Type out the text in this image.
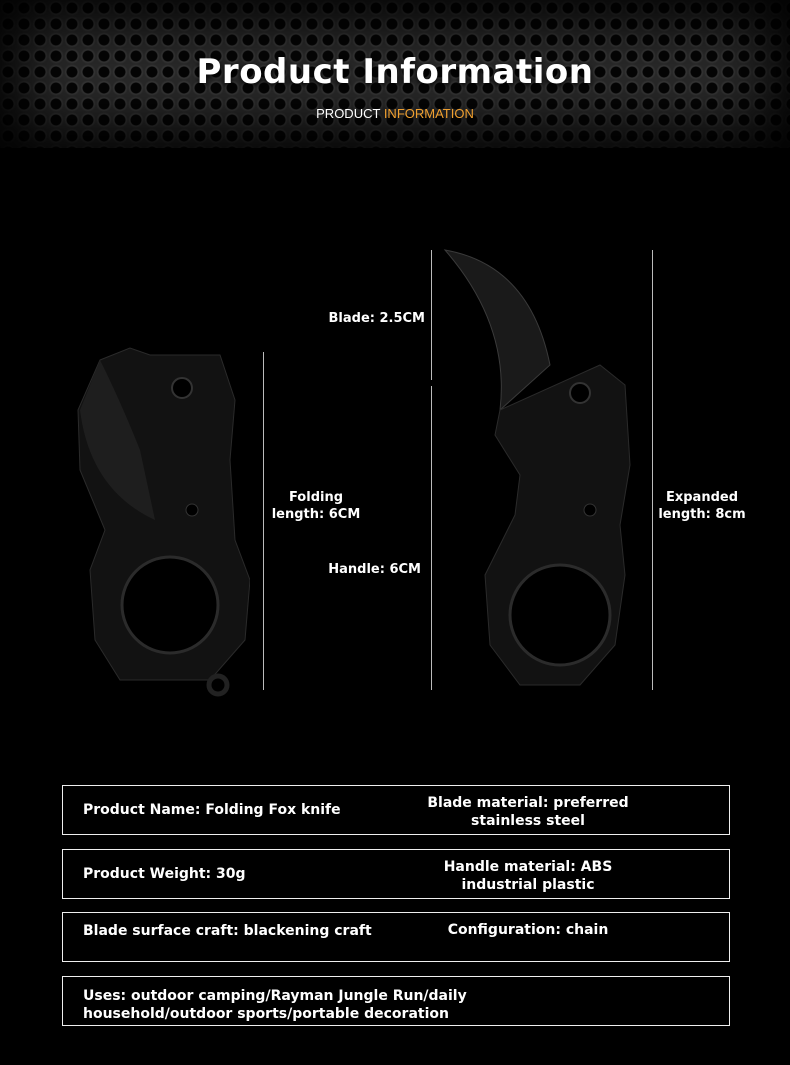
Product Information
PRODUCT INFORMATION
Folding
length: 6CM
Blade: 2.5CM
Handle: 6CM
Expanded
length: 8cm
Product Name: Folding Fox knife	Blade material: preferred
stainless steel
Product Weight: 30g	Handle material: ABS
industrial plastic
Blade surface craft: blackening craft	Configuration: chain
Uses: outdoor camping/Rayman Jungle Run/daily
household/outdoor sports/portable decoration
